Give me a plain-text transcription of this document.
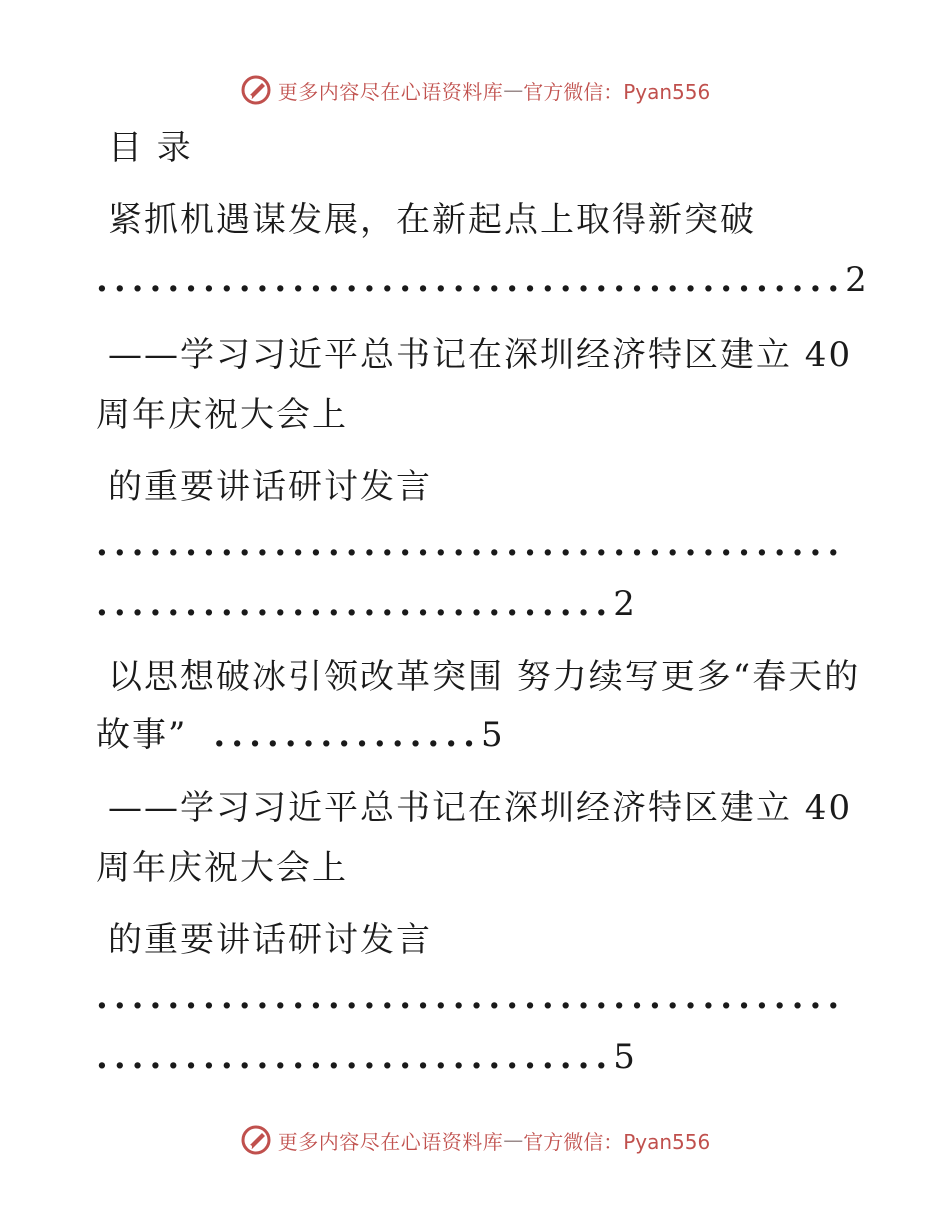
更多内容尽在心语资料库 — 官方微信：Pyan556
目 录
紧抓机遇谋发展，在新起点上取得新突破
..........................................2
——学习习近平总书记在深圳经济特区建立 40
周年庆祝大会上
的重要讲话研讨发言
..........................................
.............................2
以思想破冰引领改革突围 努力续写更多“春天的
故事” ...............5
——学习习近平总书记在深圳经济特区建立 40
周年庆祝大会上
的重要讲话研讨发言
..........................................
.............................5
更多内容尽在心语资料库 — 官方微信：Pyan556
